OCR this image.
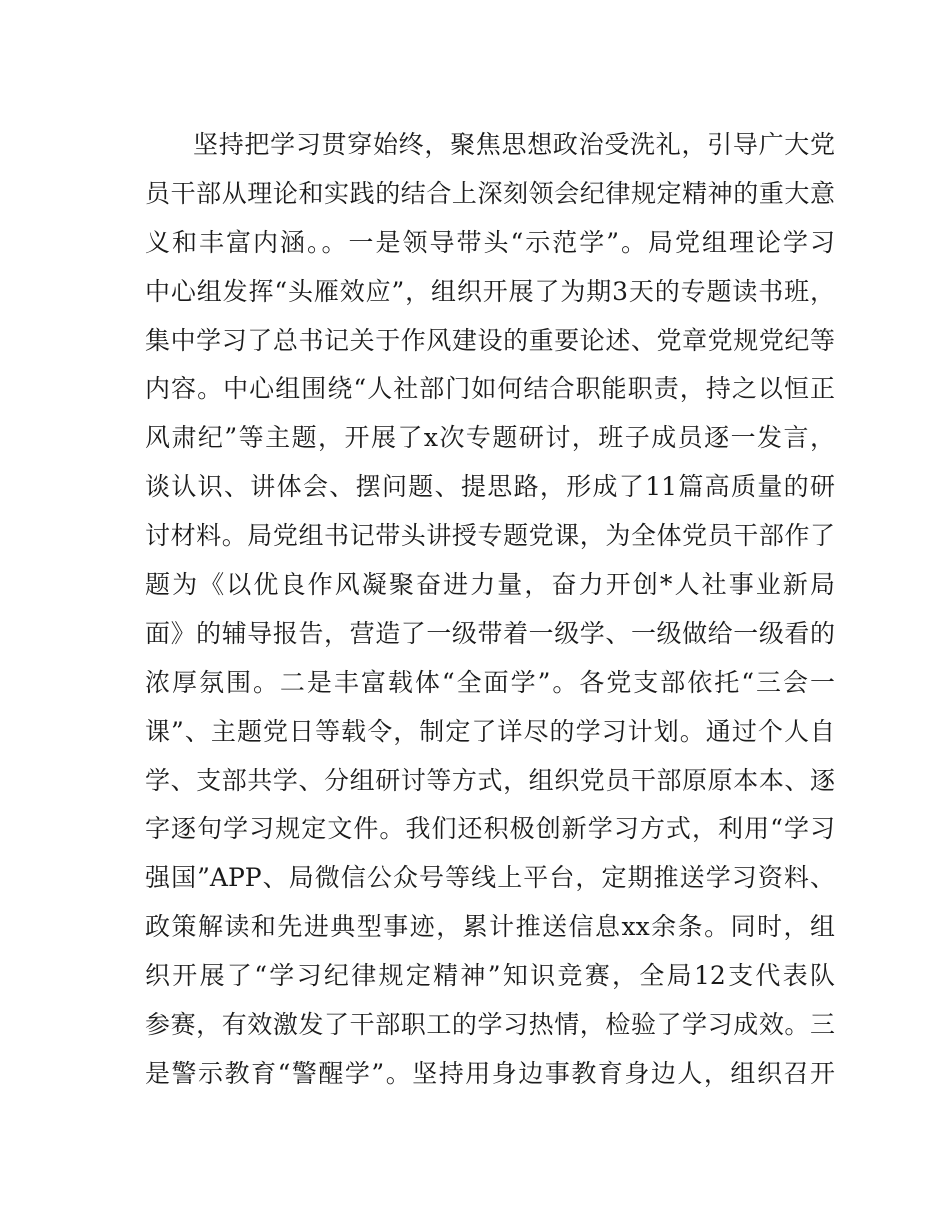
坚持把学习贯穿始终，聚焦思想政治受洗礼，引导广大党
员干部从理论和实践的结合上深刻领会纪律规定精神的重大意
义和丰富内涵。。一是领导带头“示范学”。局党组理论学习
中心组发挥“头雁效应”，组织开展了为期3天的专题读书班，
集中学习了总书记关于作风建设的重要论述、党章党规党纪等
内容。中心组围绕“人社部门如何结合职能职责，持之以恒正
风肃纪”等主题，开展了x次专题研讨，班子成员逐一发言，
谈认识、讲体会、摆问题、提思路，形成了11篇高质量的研
讨材料。局党组书记带头讲授专题党课，为全体党员干部作了
题为《以优良作风凝聚奋进力量，奋力开创*人社事业新局
面》的辅导报告，营造了一级带着一级学、一级做给一级看的
浓厚氛围。二是丰富载体“全面学”。各党支部依托“三会一
课”、主题党日等载令，制定了详尽的学习计划。通过个人自
学、支部共学、分组研讨等方式，组织党员干部原原本本、逐
字逐句学习规定文件。我们还积极创新学习方式，利用“学习
强国”APP、局微信公众号等线上平台，定期推送学习资料、
政策解读和先进典型事迹，累计推送信息xx余条。同时，组
织开展了“学习纪律规定精神”知识竞赛，全局12支代表队
参赛，有效激发了干部职工的学习热情，检验了学习成效。三
是警示教育“警醒学”。坚持用身边事教育身边人，组织召开
